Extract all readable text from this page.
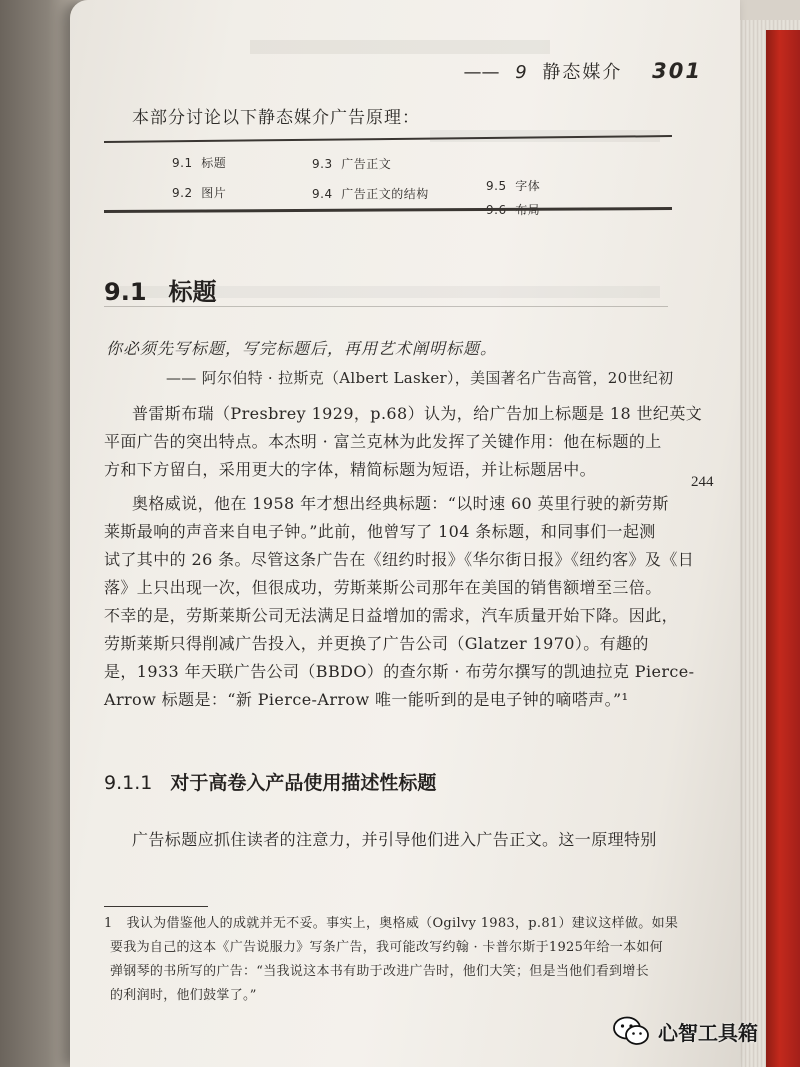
—— 9 静态媒介 301
本部分讨论以下静态媒介广告原理：
9.1 标题
9.2 图片
9.3 广告正文
9.4 广告正文的结构
9.5 字体

9.1 标题
你必须先写标题，写完标题后，再用艺术阐明标题。
—— 阿尔伯特 · 拉斯克（Albert Lasker），美国著名广告高管，20世纪初
普雷斯布瑞（Presbrey 1929，p.68）认为，给广告加上标题是 18 世纪英文
平面广告的突出特点。本杰明 · 富兰克林为此发挥了关键作用：他在标题的上
方和下方留白，采用更大的字体，精简标题为短语，并让标题居中。
244
奥格威说，他在 1958 年才想出经典标题：“以时速 60 英里行驶的新劳斯
莱斯最响的声音来自电子钟。”此前，他曾写了 104 条标题，和同事们一起测
试了其中的 26 条。尽管这条广告在《纽约时报》《华尔街日报》《纽约客》及《日
落》上只出现一次，但很成功，劳斯莱斯公司那年在美国的销售额增至三倍。
不幸的是，劳斯莱斯公司无法满足日益增加的需求，汽车质量开始下降。因此，
劳斯莱斯只得削减广告投入，并更换了广告公司（Glatzer 1970）。有趣的
是，1933 年天联广告公司（BBDO）的查尔斯 · 布劳尔撰写的凯迪拉克 Pierce-
Arrow 标题是：“新 Pierce-Arrow 唯一能听到的是电子钟的嘀嗒声。”¹
9.1.1 对于高卷入产品使用描述性标题
广告标题应抓住读者的注意力，并引导他们进入广告正文。这一原理特别
1 我认为借鉴他人的成就并无不妥。事实上，奥格威（Ogilvy 1983，p.81）建议这样做。如果
要我为自己的这本《广告说服力》写条广告，我可能改写约翰 · 卡普尔斯于1925年给一本如何
弹钢琴的书所写的广告：“当我说这本书有助于改进广告时，他们大笑；但是当他们看到增长
的利润时，他们鼓掌了。”
心智工具箱
